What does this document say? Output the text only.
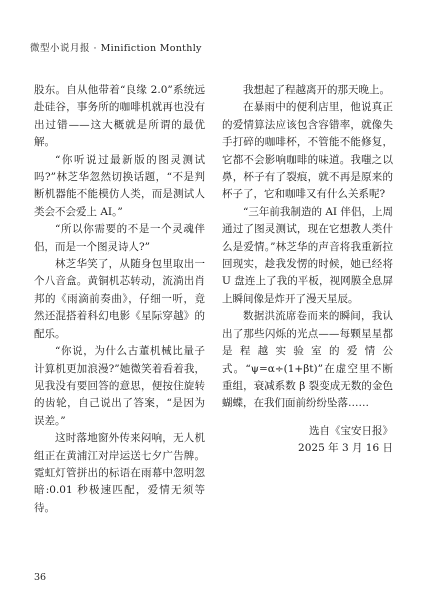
微型小说月报 · Minifiction Monthly

股东。自从他带着“良缘 2.0”系统远赴硅谷，事务所的咖啡机就再也没有出过错——这大概就是所谓的最优解。

“你听说过最新版的图灵测试吗?”林芝华忽然切换话题，“不是判断机器能不能模仿人类，而是测试人类会不会爱上 AI。”

“所以你需要的不是一个灵魂伴侣，而是一个图灵诗人?”

林芝华笑了，从随身包里取出一个八音盒。黄铜机芯转动，流淌出肖邦的《雨滴前奏曲》，仔细一听，竟然还混搭着科幻电影《星际穿越》的配乐。

“你说，为什么古董机械比量子计算机更加浪漫?”她微笑着看着我，见我没有要回答的意思，便按住旋转的齿轮，自己说出了答案，“是因为误差。”

这时落地窗外传来闷响，无人机组正在黄浦江对岸运送七夕广告牌。霓虹灯管拼出的标语在雨幕中忽明忽暗:0.01 秒极速匹配，爱情无须等待。

我想起了程越离开的那天晚上。

在暴雨中的便利店里，他说真正的爱情算法应该包含容错率，就像失手打碎的咖啡杯，不管能不能修复，它都不会影响咖啡的味道。我嗤之以鼻，杯子有了裂痕，就不再是原来的杯子了，它和咖啡又有什么关系呢?

“三年前我制造的 AI 伴侣，上周通过了图灵测试，现在它想教人类什么是爱情。”林芝华的声音将我重新拉回现实，趁我发愣的时候，她已经将 U 盘连上了我的平板，视网膜全息屏上瞬间像是炸开了漫天星辰。

数据洪流席卷而来的瞬间，我认出了那些闪烁的光点——每颗星星都是程越实验室的爱情公式。“ψ=α÷(1+βt)”在虚空里不断重组，衰减系数 β 裂变成无数的金色蝴蝶，在我们面前纷纷坠落……

选自《宝安日报》
2025 年 3 月 16 日
36
